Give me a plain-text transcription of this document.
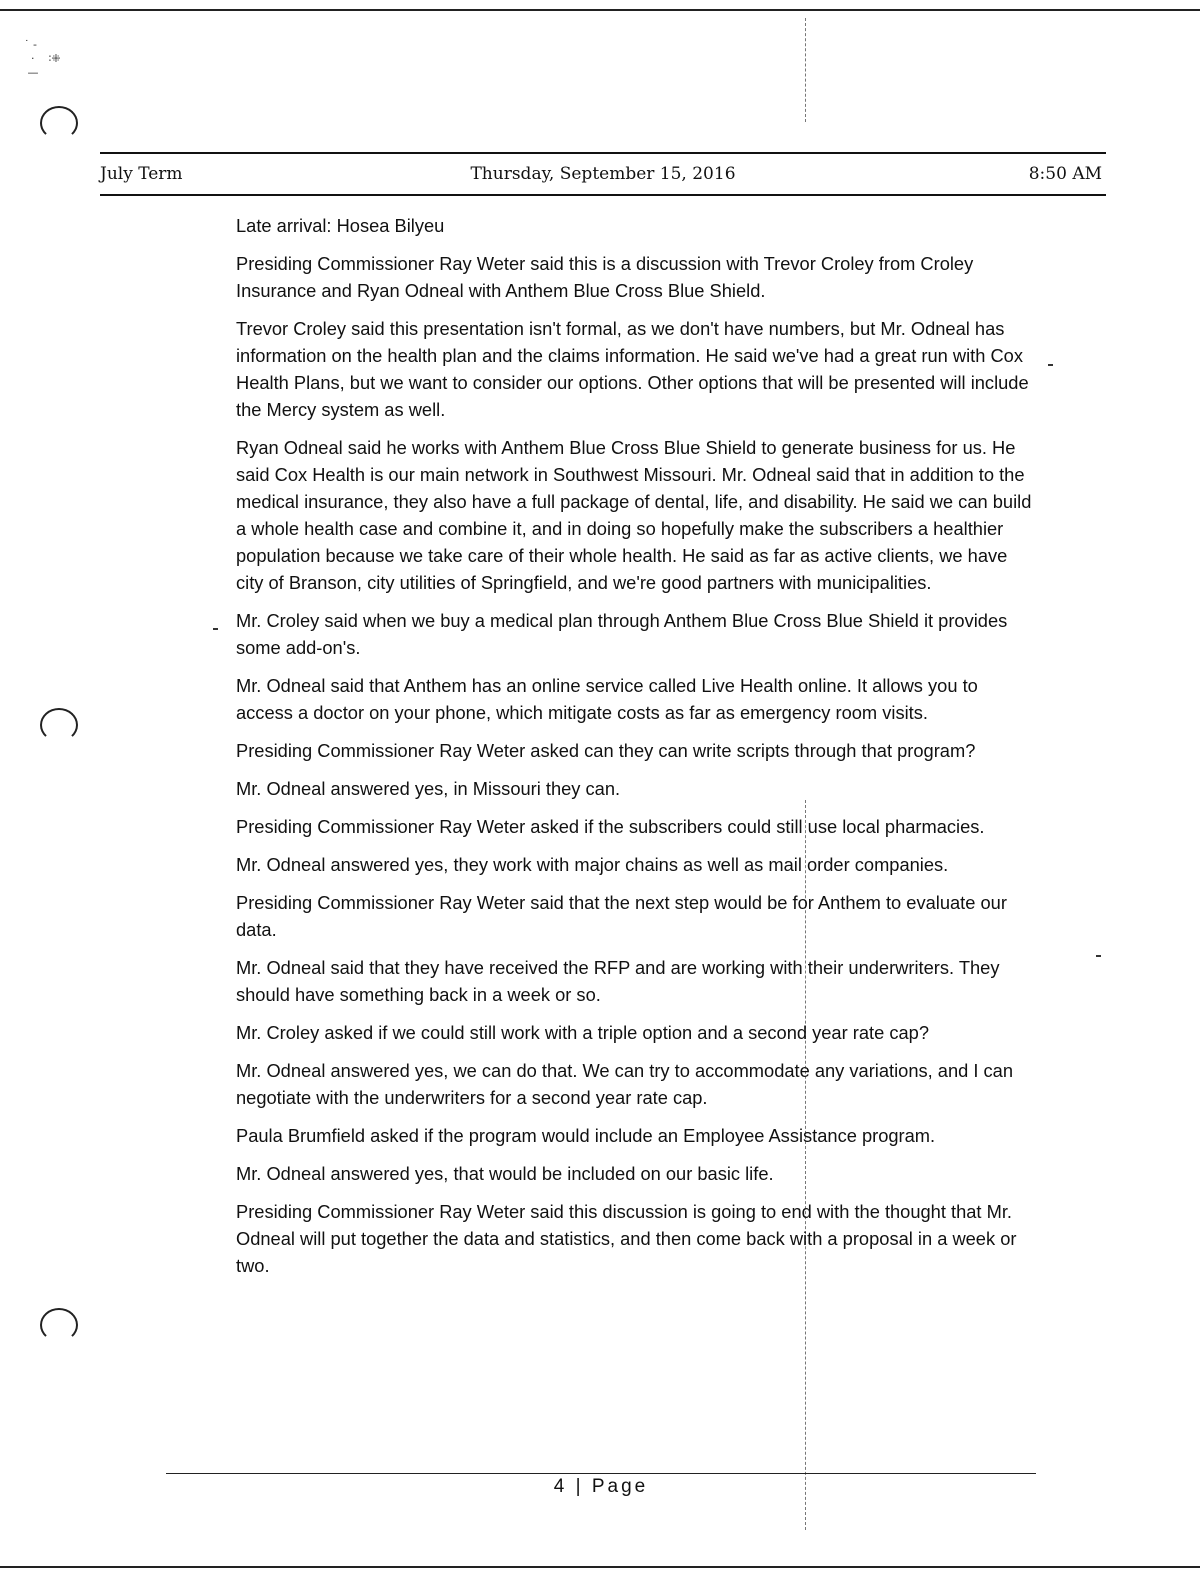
˙ ‐
·    ∶⁜
—
July Term	Thursday, September 15, 2016	8:50 AM

Late arrival: Hosea Bilyeu

Presiding Commissioner Ray Weter said this is a discussion with Trevor Croley from Croley Insurance and Ryan Odneal with Anthem Blue Cross Blue Shield.

Trevor Croley said this presentation isn't formal, as we don't have numbers, but Mr. Odneal has information on the health plan and the claims information. He said we've had a great run with Cox Health Plans, but we want to consider our options. Other options that will be presented will include the Mercy system as well.

Ryan Odneal said he works with Anthem Blue Cross Blue Shield to generate business for us. He said Cox Health is our main network in Southwest Missouri. Mr. Odneal said that in addition to the medical insurance, they also have a full package of dental, life, and disability. He said we can build a whole health case and combine it, and in doing so hopefully make the subscribers a healthier population because we take care of their whole health. He said as far as active clients, we have city of Branson, city utilities of Springfield, and we're good partners with municipalities.

Mr. Croley said when we buy a medical plan through Anthem Blue Cross Blue Shield it provides some add-on's.

Mr. Odneal said that Anthem has an online service called Live Health online. It allows you to access a doctor on your phone, which mitigate costs as far as emergency room visits.

Presiding Commissioner Ray Weter asked can they can write scripts through that program?

Mr. Odneal answered yes, in Missouri they can.

Presiding Commissioner Ray Weter asked if the subscribers could still use local pharmacies.

Mr. Odneal answered yes, they work with major chains as well as mail order companies.

Presiding Commissioner Ray Weter said that the next step would be for Anthem to evaluate our data.

Mr. Odneal said that they have received the RFP and are working with their underwriters. They should have something back in a week or so.

Mr. Croley asked if we could still work with a triple option and a second year rate cap?

Mr. Odneal answered yes, we can do that. We can try to accommodate any variations, and I can negotiate with the underwriters for a second year rate cap.

Paula Brumfield asked if the program would include an Employee Assistance program.

Mr. Odneal answered yes, that would be included on our basic life.

Presiding Commissioner Ray Weter said this discussion is going to end with the thought that Mr. Odneal will put together the data and statistics, and then come back with a proposal in a week or two.

4 | Page
